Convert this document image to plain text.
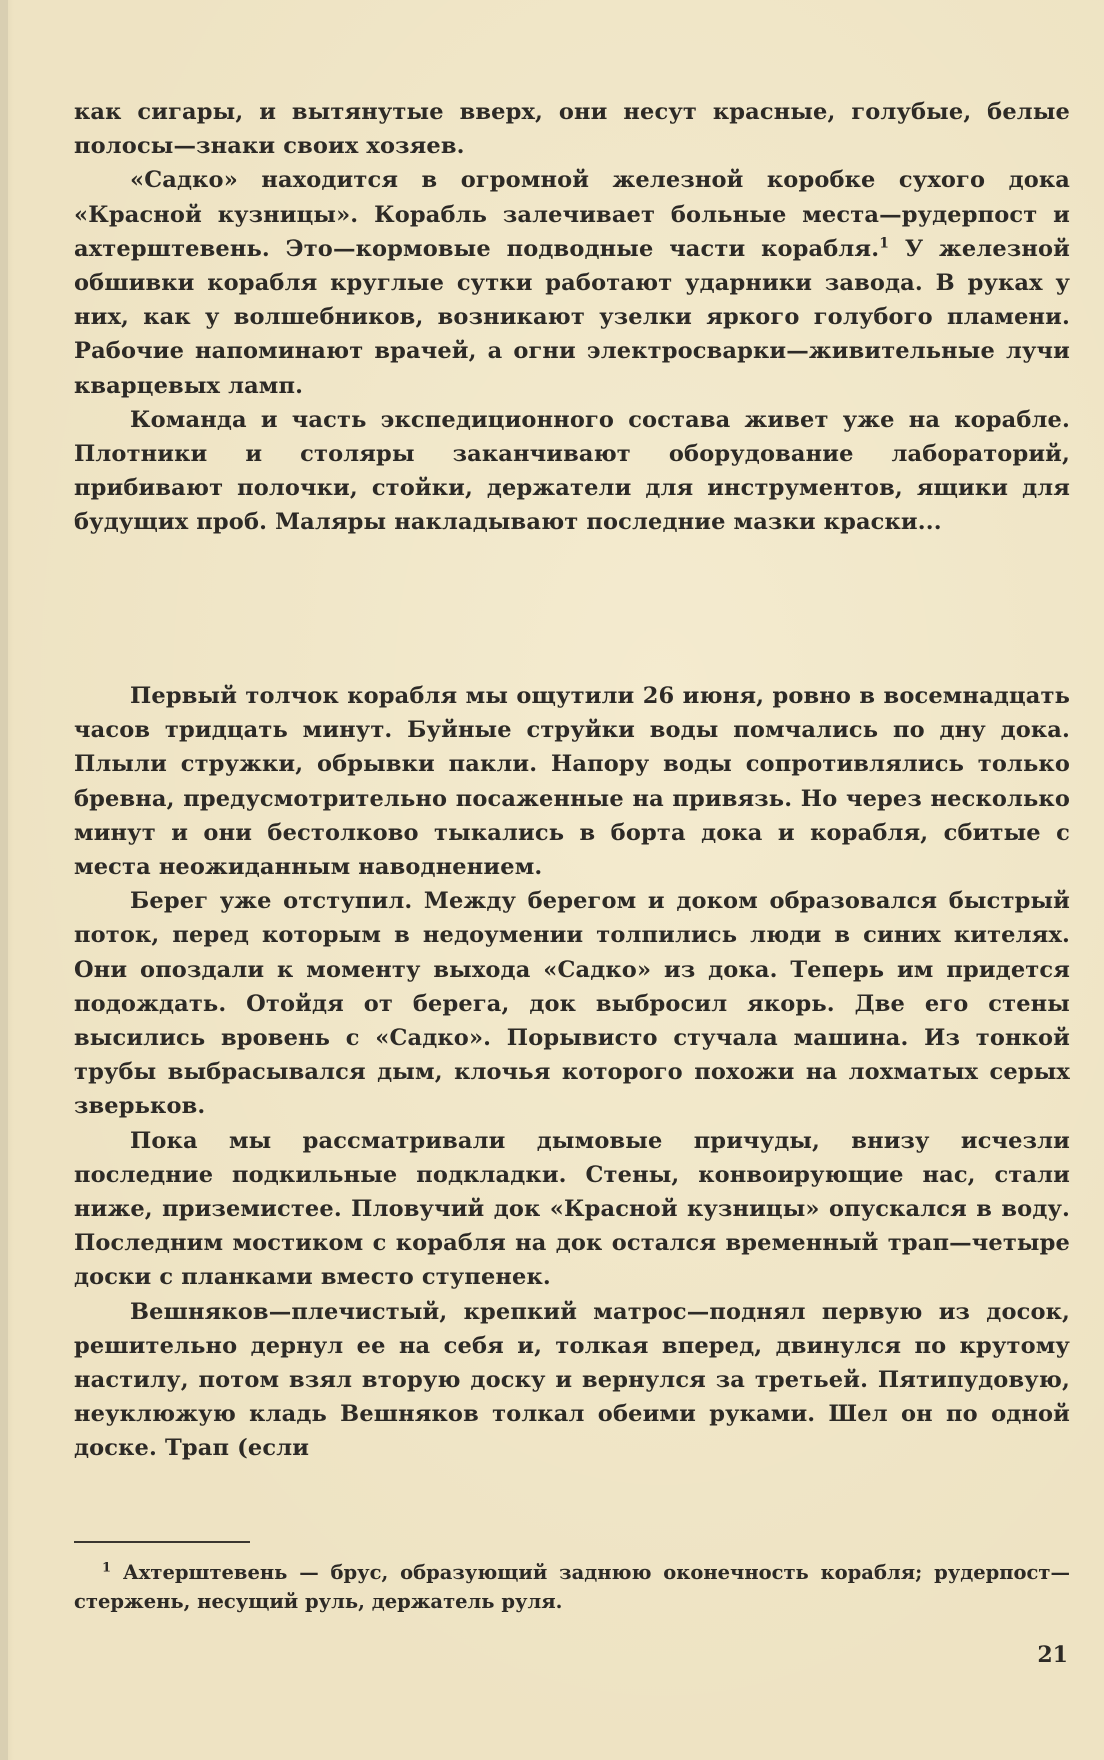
как сигары, и вытянутые вверх, они несут красные, голубые, белые полосы—знаки своих хозяев.

«Садко» находится в огромной железной коробке сухого дока «Красной кузницы». Корабль залечивает больные места—рудерпост и ахтерштевень. Это—кормовые подводные части корабля.$^1$ У железной обшивки корабля круглые сутки работают ударники завода. В руках у них, как у волшебников, возникают узелки яркого голубого пламени. Рабочие напоминают врачей, а огни электросварки—живительные лучи кварцевых ламп.

Команда и часть экспедиционного состава живет уже на корабле. Плотники и столяры заканчивают оборудование лабораторий, прибивают полочки, стойки, держатели для инструментов, ящики для будущих проб. Маляры накладывают последние мазки краски...

Первый толчок корабля мы ощутили 26 июня, ровно в восемнадцать часов тридцать минут. Буйные струйки воды помчались по дну дока. Плыли стружки, обрывки пакли. Напору воды сопротивлялись только бревна, предусмотрительно посаженные на привязь. Но через несколько минут и они бестолково тыкались в борта дока и корабля, сбитые с места неожиданным наводнением.

Берег уже отступил. Между берегом и доком образовался быстрый поток, перед которым в недоумении толпились люди в синих кителях. Они опоздали к моменту выхода «Садко» из дока. Теперь им придется подождать. Отойдя от берега, док выбросил якорь. Две его стены высились вровень с «Садко». Порывисто стучала машина. Из тонкой трубы выбрасывался дым, клочья которого похожи на лохматых серых зверьков.

Пока мы рассматривали дымовые причуды, внизу исчезли последние подкильные подкладки. Стены, конвоирующие нас, стали ниже, приземистее. Пловучий док «Красной кузницы» опускался в воду. Последним мостиком с корабля на док остался временный трап—четыре доски с планками вместо ступенек.

Вешняков—плечистый, крепкий матрос—поднял первую из досок, решительно дернул ее на себя и, толкая вперед, двинулся по крутому настилу, потом взял вторую доску и вернулся за третьей. Пятипудовую, неуклюжую кладь Вешняков толкал обеими руками. Шел он по одной доске. Трап (если

$^1$ Ахтерштевень — брус, образующий заднюю оконечность корабля; рудерпост—стержень, несущий руль, держатель руля.

21
